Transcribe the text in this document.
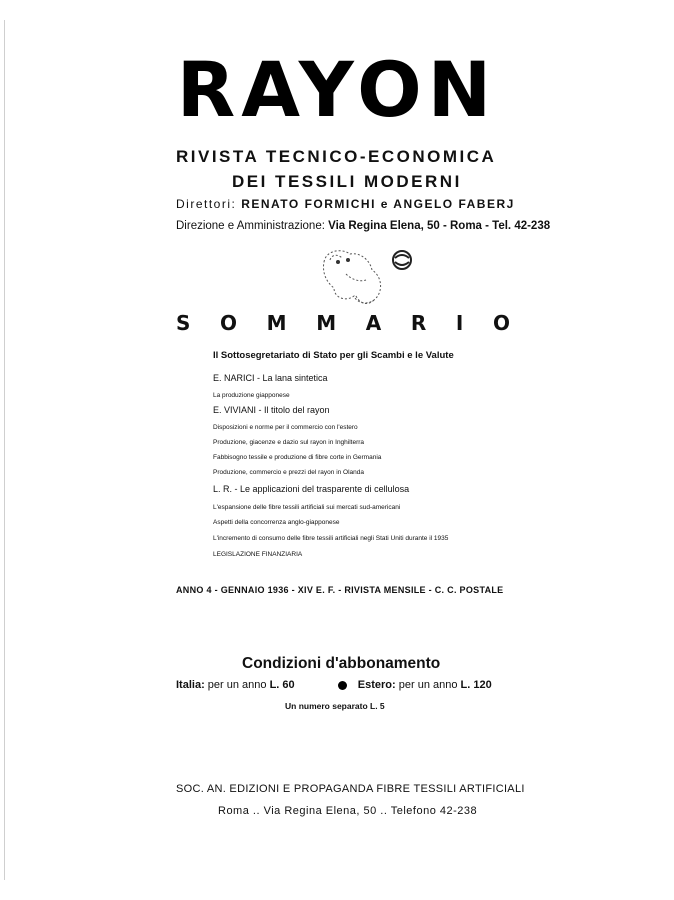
RAYON
RIVISTA TECNICO-ECONOMICA
DEI TESSILI MODERNI
Direttori: RENATO FORMICHI e ANGELO FABERJ
Direzione e Amministrazione: Via Regina Elena, 50 - Roma - Tel. 42-238
S O M M A R I O
Il Sottosegretariato di Stato per gli Scambi e le Valute
E. NARICI - La lana sintetica
La produzione giapponese
E. VIVIANI - Il titolo del rayon
Disposizioni e norme per il commercio con l'estero
Produzione, giacenze e dazio sul rayon in Inghilterra
Fabbisogno tessile e produzione di fibre corte in Germania
Produzione, commercio e prezzi del rayon in Olanda
L. R. - Le applicazioni del trasparente di cellulosa
L'espansione delle fibre tessili artificiali sui mercati sud-americani
Aspetti della concorrenza anglo-giapponese
L'incremento di consumo delle fibre tessili artificiali negli Stati Uniti durante il 1935
LEGISLAZIONE FINANZIARIA
ANNO 4 - GENNAIO 1936 - XIV E. F. - RIVISTA MENSILE - C. C. POSTALE
Condizioni d'abbonamento
Italia: per un anno L. 60	Estero: per un anno L. 120
Un numero separato L. 5
SOC. AN. EDIZIONI E PROPAGANDA FIBRE TESSILI ARTIFICIALI
Roma .. Via Regina Elena, 50 .. Telefono 42-238
